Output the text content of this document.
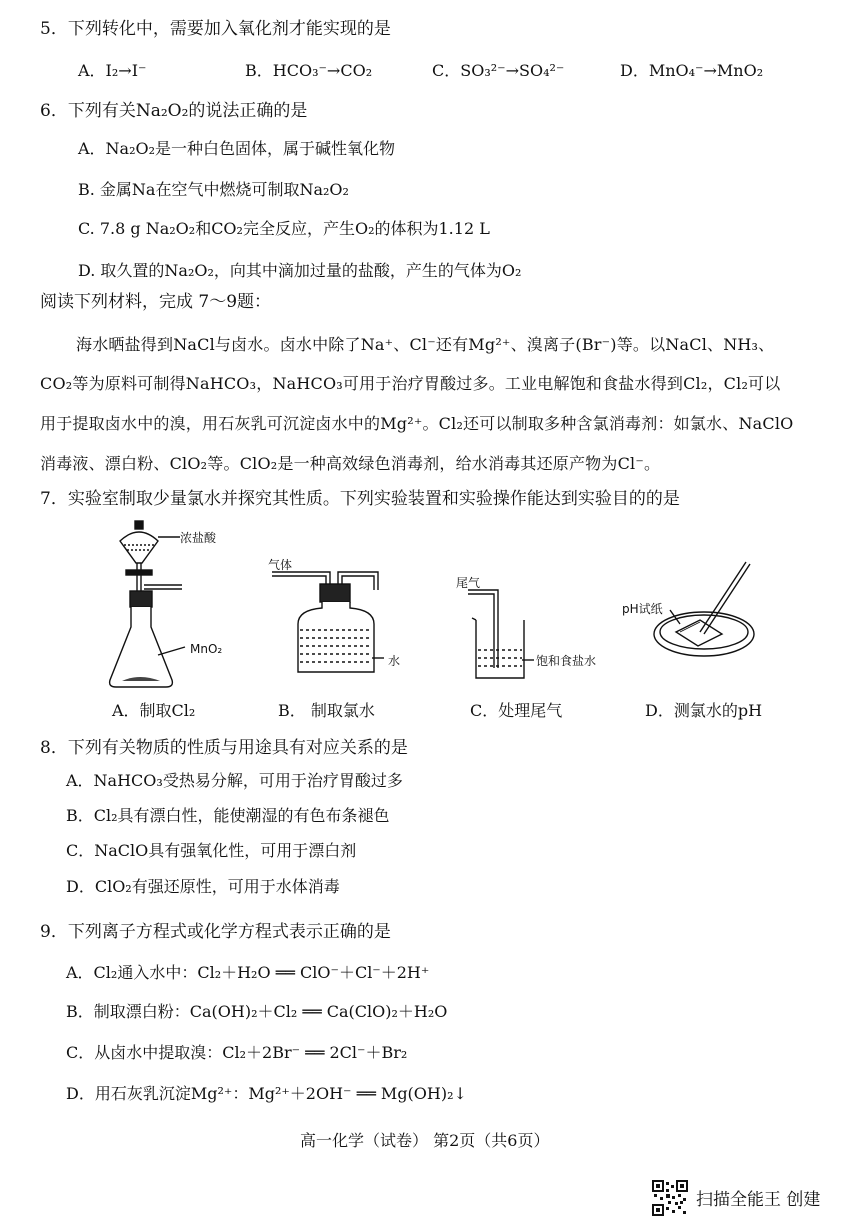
5．下列转化中，需要加入氧化剂才能实现的是
A．I₂→I⁻	B．HCO₃⁻→CO₂	C．SO₃²⁻→SO₄²⁻	D．MnO₄⁻→MnO₂
6．下列有关Na₂O₂的说法正确的是
A．Na₂O₂是一种白色固体，属于碱性氧化物
B. 金属Na在空气中燃烧可制取Na₂O₂
C. 7.8 g Na₂O₂和CO₂完全反应，产生O₂的体积为1.12 L
D. 取久置的Na₂O₂，向其中滴加过量的盐酸，产生的气体为O₂
阅读下列材料，完成 7～9题：
海水晒盐得到NaCl与卤水。卤水中除了Na⁺、Cl⁻还有Mg²⁺、溴离子(Br⁻)等。以NaCl、NH₃、
CO₂等为原料可制得NaHCO₃，NaHCO₃可用于治疗胃酸过多。工业电解饱和食盐水得到Cl₂，Cl₂可以
用于提取卤水中的溴，用石灰乳可沉淀卤水中的Mg²⁺。Cl₂还可以制取多种含氯消毒剂：如氯水、NaClO
消毒液、漂白粉、ClO₂等。ClO₂是一种高效绿色消毒剂，给水消毒其还原产物为Cl⁻。
7．实验室制取少量氯水并探究其性质。下列实验装置和实验操作能达到实验目的的是
浓盐酸
MnO₂
气体
水
尾气
饱和食盐水
pH试纸
A．制取Cl₂	B． 制取氯水	C．处理尾气	D．测氯水的pH
8．下列有关物质的性质与用途具有对应关系的是
A．NaHCO₃受热易分解，可用于治疗胃酸过多
B．Cl₂具有漂白性，能使潮湿的有色布条褪色
C．NaClO具有强氧化性，可用于漂白剂
D．ClO₂有强还原性，可用于水体消毒
9．下列离子方程式或化学方程式表示正确的是
A．Cl₂通入水中：Cl₂＋H₂O ══ ClO⁻＋Cl⁻＋2H⁺
B．制取漂白粉：Ca(OH)₂＋Cl₂ ══ Ca(ClO)₂＋H₂O
C．从卤水中提取溴：Cl₂＋2Br⁻ ══ 2Cl⁻＋Br₂
D．用石灰乳沉淀Mg²⁺：Mg²⁺＋2OH⁻ ══ Mg(OH)₂↓
高一化学（试卷） 第2页（共6页）
扫描全能王 创建
